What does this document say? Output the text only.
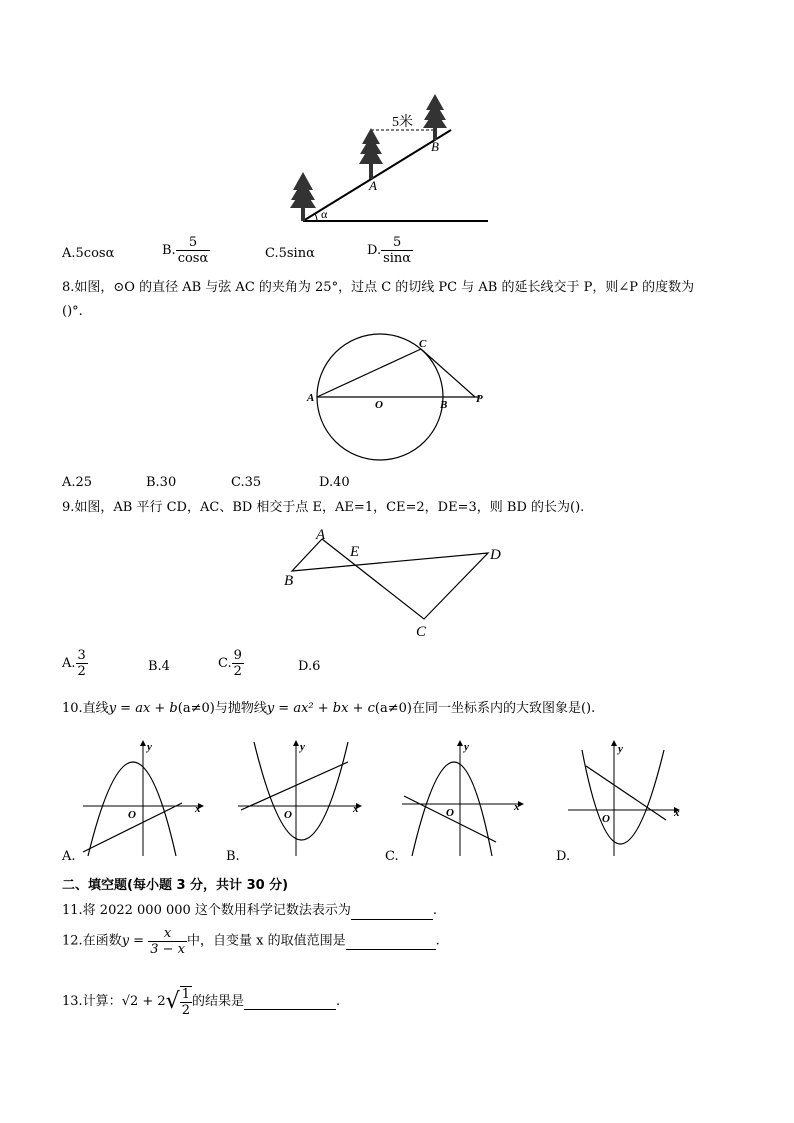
5米
A
B
α
A.5cosα	B. $\frac{5}{\cos\alpha}$	C.5sinα	D. $\frac{5}{\sin\alpha}$
8.如图，⊙O 的直径 AB 与弦 AC 的夹角为 25°，过点 C 的切线 PC 与 AB 的延长线交于 P，则∠P 的度数为
()°.
A
O	B
C
P
A.25	B.30	C.35	D.40
9.如图，AB 平行 CD，AC、BD 相交于点 E，AE=1，CE=2，DE=3，则 BD 的长为().
A
B
E	D
C
A. $\frac{3}{2}$	B.4	C. $\frac{9}{2}$	D.6
10.直线y = ax + b(a≠0)与抛物线y = ax² + bx + c(a≠0)在同一坐标系内的大致图象是().
x
y
O
A.
x
y
O
B.
x
y
O
C.
x
y
O
D.
二、填空题(每小题 3 分，共计 30 分)
11.将 2022 000 000 这个数用科学记数法表示为	.
12.在函数$y = \frac{x}{3 - x}$ 中，自变量 x 的取值范围是	.
13.计算：$√2 + 2√ \frac{1}{2}$ 的结果是	.
